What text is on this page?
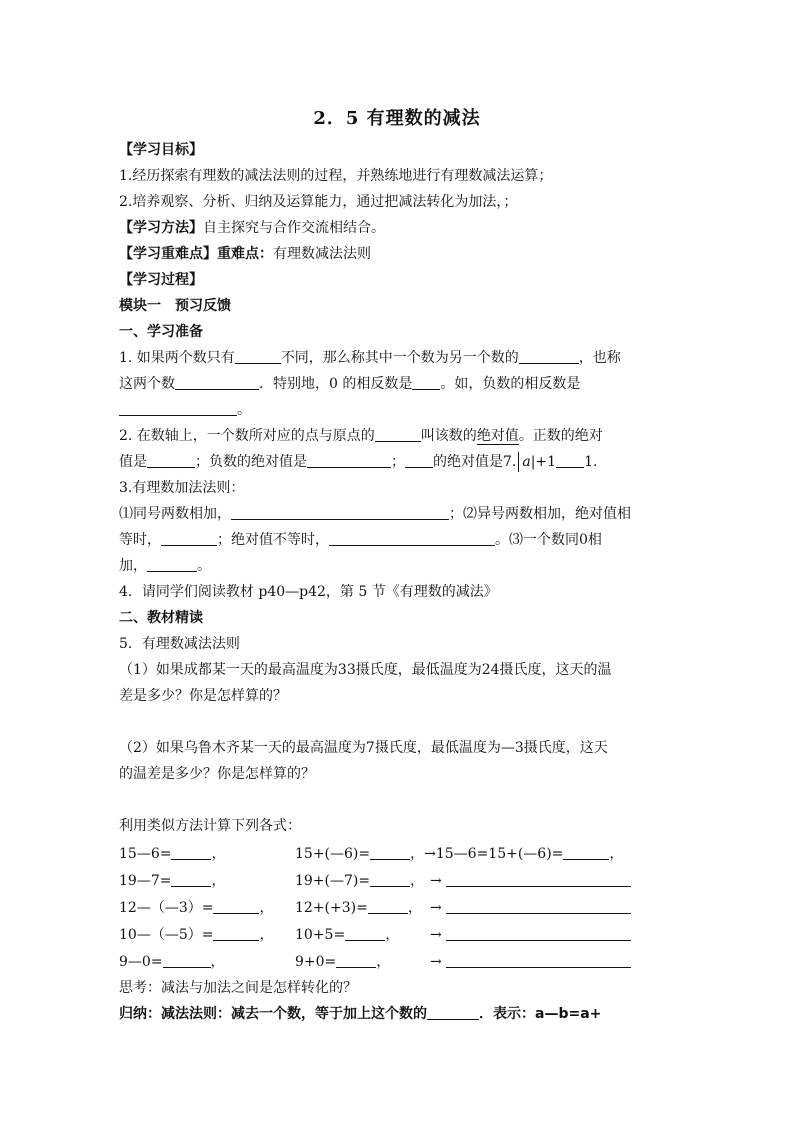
2．5 有理数的减法
【学习目标】
1.经历探索有理数的减法法则的过程，并熟练地进行有理数减法运算；
2.培养观察、分析、归纳及运算能力，通过把减法转化为加法，；
【学习方法】自主探究与合作交流相结合。
【学习重难点】重难点：有理数减法法则
【学习过程】
模块一　预习反馈
一、学习准备
1. 如果两个数只有	不同，那么称其中一个数为另一个数的	，也称
这两个数	．特别地，0 的相反数是 。如，负数的相反数是
。
2. 在数轴上，一个数所对应的点与原点的	叫该数的绝对值。正数的绝对
值是	；负数的绝对值是	； 的绝对值是7. a|+1 1.
3.有理数加法法则：
⑴同号两数相加，	；⑵异号两数相加，绝对值相
等时，	；绝对值不等时，	。⑶一个数同0相
加，	。
4．请同学们阅读教材 p40—p42，第 5 节《有理数的减法》
二、教材精读
5．有理数减法法则
（1）如果成都某一天的最高温度为33摄氏度，最低温度为24摄氏度，这天的温
差是多少？你是怎样算的？
（2）如果乌鲁木齐某一天的最高温度为7摄氏度，最低温度为—3摄氏度，这天
的温差是多少？你是怎样算的？
利用类似方法计算下列各式：
15—6=	，	15+(—6)=	，→15—6=15+(—6)=	，
19—7=	，	19+(—7)=	， →
12—（—3）=	， 12+(+3)=	， →
10—（—5）=	， 10+5=	， →
9—0=	，	9+0=	，	→
思考：减法与加法之间是怎样转化的？
归纳：减法法则：减去一个数，等于加上这个数的	．表示：a—b=a+
